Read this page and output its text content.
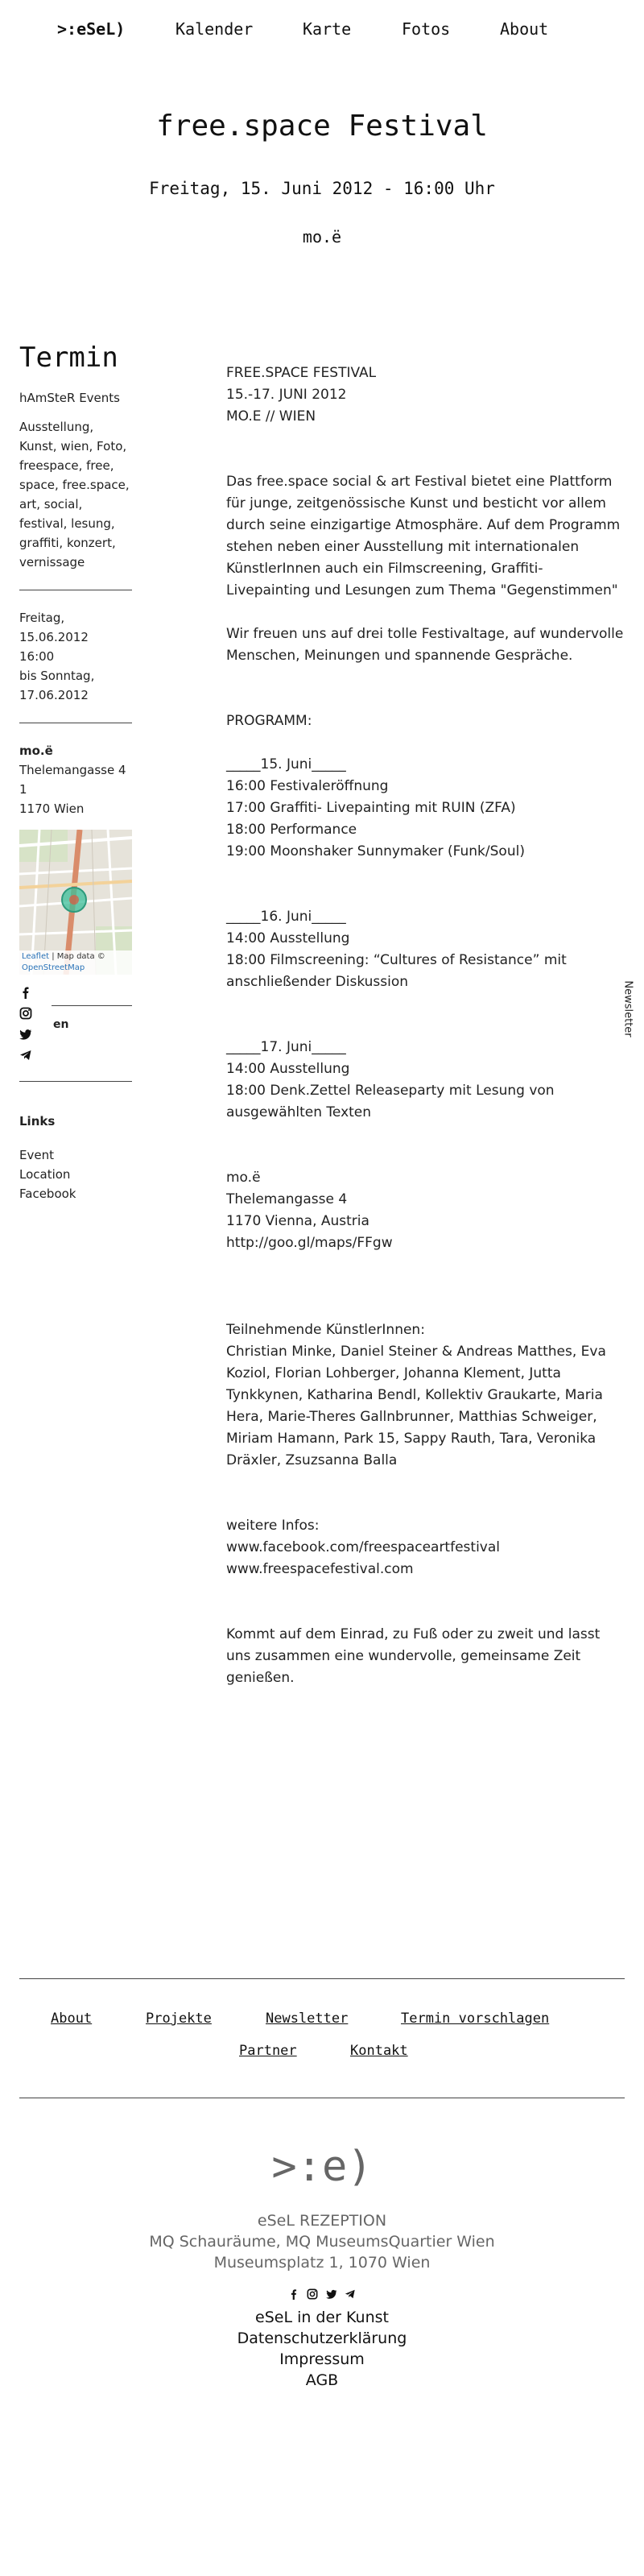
>:eSeL)	Kalender	Karte	Fotos	About
free.space Festival
Freitag, 15. Juni 2012 - 16:00 Uhr
mo.ë
Termin

hAmSteR Events

Ausstellung, Kunst, wien, Foto, freespace, free, space, free.space, art, social, festival, lesung, graffiti, konzert, vernissage

Freitag, 15.06.2012
16:00
bis Sonntag,
17.06.2012
mo.ë
Thelemangasse 4
1
1170 Wien
Leaflet | Map data © OpenStreetMap
en
Links
Event
Location
Facebook
FREE.SPACE FESTIVAL
15.-17. JUNI 2012
MO.E // WIEN
Das free.space social & art Festival bietet eine Plattform für junge, zeitgenössische Kunst und besticht vor allem durch seine einzigartige Atmosphäre. Auf dem Programm stehen neben einer Ausstellung mit internationalen KünstlerInnen auch ein Filmscreening, Graffiti-Livepainting und Lesungen zum Thema "Gegenstimmen"
Wir freuen uns auf drei tolle Festivaltage, auf wundervolle Menschen, Meinungen und spannende Gespräche.
PROGRAMM:
_____15. Juni_____
16:00 Festivaleröffnung
17:00 Graffiti- Livepainting mit RUIN (ZFA)
18:00 Performance
19:00 Moonshaker Sunnymaker (Funk/Soul)
_____16. Juni_____
14:00 Ausstellung
18:00 Filmscreening: “Cultures of Resistance” mit anschließender Diskussion
_____17. Juni_____
14:00 Ausstellung
18:00 Denk.Zettel Releaseparty mit Lesung von ausgewählten Texten
mo.ë
Thelemangasse 4
1170 Vienna, Austria
http://goo.gl/maps/FFgw
Teilnehmende KünstlerInnen:
Christian Minke, Daniel Steiner & Andreas Matthes, Eva Koziol, Florian Lohberger, Johanna Klement, Jutta Tynkkynen, Katharina Bendl, Kollektiv Graukarte, Maria Hera, Marie-Theres Gallnbrunner, Matthias Schweiger, Miriam Hamann, Park 15, Sappy Rauth, Tara, Veronika Dräxler, Zsuzsanna Balla
weitere Infos:
www.facebook.com/freespaceartfestival
www.freespacefestival.com
Kommt auf dem Einrad, zu Fuß oder zu zweit und lasst uns zusammen eine wundervolle, gemeinsame Zeit genießen.
Newsletter
About	Projekte	Newsletter	Termin vorschlagen
Partner	Kontakt
>:e)
eSeL REZEPTION
MQ Schauräume, MQ MuseumsQuartier Wien
Museumsplatz 1, 1070 Wien

eSeL in der Kunst
Datenschutzerklärung
Impressum
AGB
